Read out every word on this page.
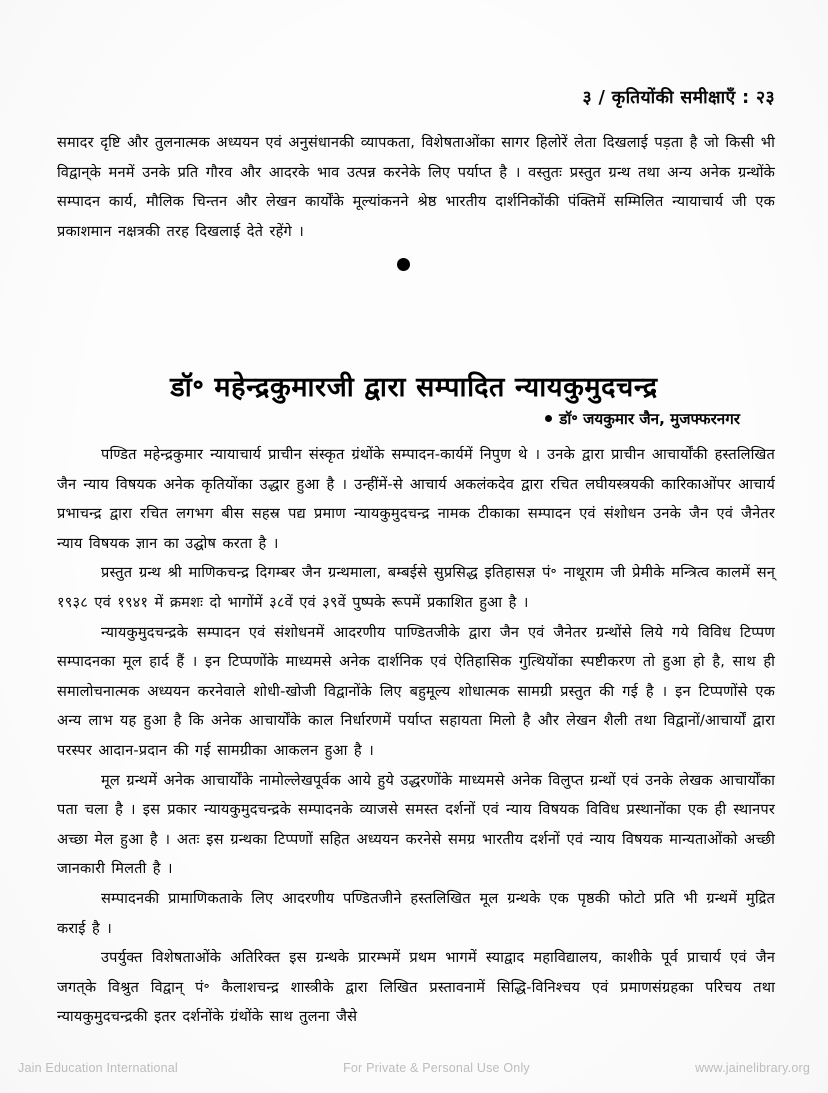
३ / कृतियोंकी समीक्षाएँ : २३

समादर दृष्टि और तुलनात्मक अध्ययन एवं अनुसंधानकी व्यापकता, विशेषताओंका सागर हिलोरें लेता दिखलाई पड़ता है जो किसी भी विद्वान्‌के मनमें उनके प्रति गौरव और आदरके भाव उत्पन्न करनेके लिए पर्याप्त है । वस्तुतः प्रस्तुत ग्रन्थ तथा अन्य अनेक ग्रन्थोंके सम्पादन कार्य, मौलिक चिन्तन और लेखन कार्योंके मूल्यांकनने श्रेष्ठ भारतीय दार्शनिकोंकी पंक्तिमें सम्मिलित न्यायाचार्य जी एक प्रकाशमान नक्षत्रकी तरह दिखलाई देते रहेंगे ।

डॉ॰ महेन्द्रकुमारजी द्वारा सम्पादित न्यायकुमुदचन्द्र
डॉ॰ जयकुमार जैन, मुजफ्फरनगर

पण्डित महेन्द्रकुमार न्यायाचार्य प्राचीन संस्कृत ग्रंथोंके सम्पादन-कार्यमें निपुण थे । उनके द्वारा प्राचीन आचार्योंकी हस्तलिखित जैन न्याय विषयक अनेक कृतियोंका उद्धार हुआ है । उन्हींमें-से आचार्य अकलंकदेव द्वारा रचित लघीयस्त्रयकी कारिकाओंपर आचार्य प्रभाचन्द्र द्वारा रचित लगभग बीस सहस्र पद्य प्रमाण न्यायकुमुदचन्द्र नामक टीकाका सम्पादन एवं संशोधन उनके जैन एवं जैनेतर न्याय विषयक ज्ञान का उद्घोष करता है ।

प्रस्तुत ग्रन्थ श्री माणिकचन्द्र दिगम्बर जैन ग्रन्थमाला, बम्बईसे सुप्रसिद्ध इतिहासज्ञ पं॰ नाथूराम जी प्रेमीके मन्त्रित्व कालमें सन् १९३८ एवं १९४१ में क्रमशः दो भागोंमें ३८वें एवं ३९वें पुष्पके रूपमें प्रकाशित हुआ है ।

न्यायकुमुदचन्द्रके सम्पादन एवं संशोधनमें आदरणीय पाण्डितजीके द्वारा जैन एवं जैनेतर ग्रन्थोंसे लिये गये विविध टिप्पण सम्पादनका मूल हार्द हैं । इन टिप्पणोंके माध्यमसे अनेक दार्शनिक एवं ऐतिहासिक गुत्थियोंका स्पष्टीकरण तो हुआ हो है, साथ ही समालोचनात्मक अध्ययन करनेवाले शोधी-खोजी विद्वानोंके लिए बहुमूल्य शोधात्मक सामग्री प्रस्तुत की गई है । इन टिप्पणोंसे एक अन्य लाभ यह हुआ है कि अनेक आचार्योंके काल निर्धारणमें पर्याप्त सहायता मिलो है और लेखन शैली तथा विद्वानों/आचार्यों द्वारा परस्पर आदान-प्रदान की गई सामग्रीका आकलन हुआ है ।

मूल ग्रन्थमें अनेक आचार्योंके नामोल्लेखपूर्वक आये हुये उद्धरणोंके माध्यमसे अनेक विलुप्त ग्रन्थों एवं उनके लेखक आचार्योंका पता चला है । इस प्रकार न्यायकुमुदचन्द्रके सम्पादनके व्याजसे समस्त दर्शनों एवं न्याय विषयक विविध प्रस्थानोंका एक ही स्थानपर अच्छा मेल हुआ है । अतः इस ग्रन्थका टिप्पणों सहित अध्ययन करनेसे समग्र भारतीय दर्शनों एवं न्याय विषयक मान्यताओंको अच्छी जानकारी मिलती है ।

सम्पादनकी प्रामाणिकताके लिए आदरणीय पण्डितजीने हस्तलिखित मूल ग्रन्थके एक पृष्ठकी फोटो प्रति भी ग्रन्थमें मुद्रित कराई है ।

उपर्युक्त विशेषताओंके अतिरिक्त इस ग्रन्थके प्रारम्भमें प्रथम भागमें स्याद्वाद महाविद्यालय, काशीके पूर्व प्राचार्य एवं जैन जगत्‌के विश्रुत विद्वान् पं॰ कैलाशचन्द्र शास्त्रीके द्वारा लिखित प्रस्तावनामें सिद्धि-विनिश्चय एवं प्रमाणसंग्रहका परिचय तथा न्यायकुमुदचन्द्रकी इतर दर्शनोंके ग्रंथोंके साथ तुलना जैसे

Jain Education International	For Private & Personal Use Only	www.jainelibrary.org
